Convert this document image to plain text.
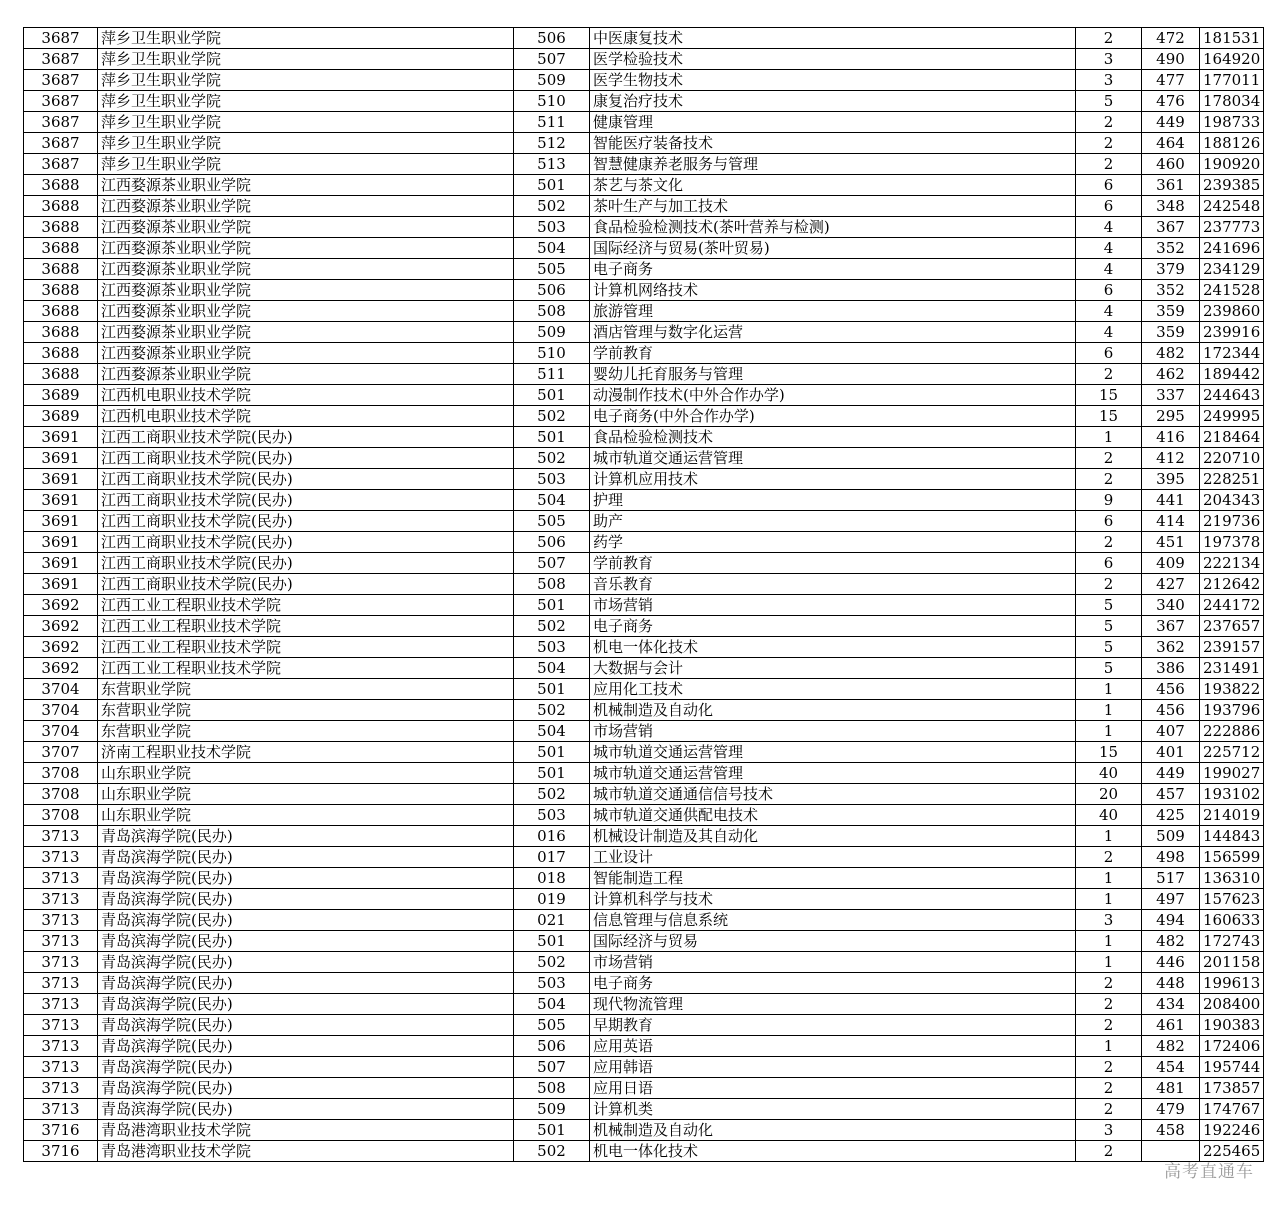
3687	萍乡卫生职业学院	506	中医康复技术	2	472	181531
3687	萍乡卫生职业学院	507	医学检验技术	3	490	164920
3687	萍乡卫生职业学院	509	医学生物技术	3	477	177011
3687	萍乡卫生职业学院	510	康复治疗技术	5	476	178034
3687	萍乡卫生职业学院	511	健康管理	2	449	198733
3687	萍乡卫生职业学院	512	智能医疗装备技术	2	464	188126
3687	萍乡卫生职业学院	513	智慧健康养老服务与管理	2	460	190920
3688	江西婺源茶业职业学院	501	茶艺与茶文化	6	361	239385
3688	江西婺源茶业职业学院	502	茶叶生产与加工技术	6	348	242548
3688	江西婺源茶业职业学院	503	食品检验检测技术(茶叶营养与检测)	4	367	237773
3688	江西婺源茶业职业学院	504	国际经济与贸易(茶叶贸易)	4	352	241696
3688	江西婺源茶业职业学院	505	电子商务	4	379	234129
3688	江西婺源茶业职业学院	506	计算机网络技术	6	352	241528
3688	江西婺源茶业职业学院	508	旅游管理	4	359	239860
3688	江西婺源茶业职业学院	509	酒店管理与数字化运营	4	359	239916
3688	江西婺源茶业职业学院	510	学前教育	6	482	172344
3688	江西婺源茶业职业学院	511	婴幼儿托育服务与管理	2	462	189442
3689	江西机电职业技术学院	501	动漫制作技术(中外合作办学)	15	337	244643
3689	江西机电职业技术学院	502	电子商务(中外合作办学)	15	295	249995
3691	江西工商职业技术学院(民办)	501	食品检验检测技术	1	416	218464
3691	江西工商职业技术学院(民办)	502	城市轨道交通运营管理	2	412	220710
3691	江西工商职业技术学院(民办)	503	计算机应用技术	2	395	228251
3691	江西工商职业技术学院(民办)	504	护理	9	441	204343
3691	江西工商职业技术学院(民办)	505	助产	6	414	219736
3691	江西工商职业技术学院(民办)	506	药学	2	451	197378
3691	江西工商职业技术学院(民办)	507	学前教育	6	409	222134
3691	江西工商职业技术学院(民办)	508	音乐教育	2	427	212642
3692	江西工业工程职业技术学院	501	市场营销	5	340	244172
3692	江西工业工程职业技术学院	502	电子商务	5	367	237657
3692	江西工业工程职业技术学院	503	机电一体化技术	5	362	239157
3692	江西工业工程职业技术学院	504	大数据与会计	5	386	231491
3704	东营职业学院	501	应用化工技术	1	456	193822
3704	东营职业学院	502	机械制造及自动化	1	456	193796
3704	东营职业学院	504	市场营销	1	407	222886
3707	济南工程职业技术学院	501	城市轨道交通运营管理	15	401	225712
3708	山东职业学院	501	城市轨道交通运营管理	40	449	199027
3708	山东职业学院	502	城市轨道交通通信信号技术	20	457	193102
3708	山东职业学院	503	城市轨道交通供配电技术	40	425	214019
3713	青岛滨海学院(民办)	016	机械设计制造及其自动化	1	509	144843
3713	青岛滨海学院(民办)	017	工业设计	2	498	156599
3713	青岛滨海学院(民办)	018	智能制造工程	1	517	136310
3713	青岛滨海学院(民办)	019	计算机科学与技术	1	497	157623
3713	青岛滨海学院(民办)	021	信息管理与信息系统	3	494	160633
3713	青岛滨海学院(民办)	501	国际经济与贸易	1	482	172743
3713	青岛滨海学院(民办)	502	市场营销	1	446	201158
3713	青岛滨海学院(民办)	503	电子商务	2	448	199613
3713	青岛滨海学院(民办)	504	现代物流管理	2	434	208400
3713	青岛滨海学院(民办)	505	早期教育	2	461	190383
3713	青岛滨海学院(民办)	506	应用英语	1	482	172406
3713	青岛滨海学院(民办)	507	应用韩语	2	454	195744
3713	青岛滨海学院(民办)	508	应用日语	2	481	173857
3713	青岛滨海学院(民办)	509	计算机类	2	479	174767
3716	青岛港湾职业技术学院	501	机械制造及自动化	3	458	192246
3716	青岛港湾职业技术学院	502	机电一体化技术	2		225465
高考直通车
